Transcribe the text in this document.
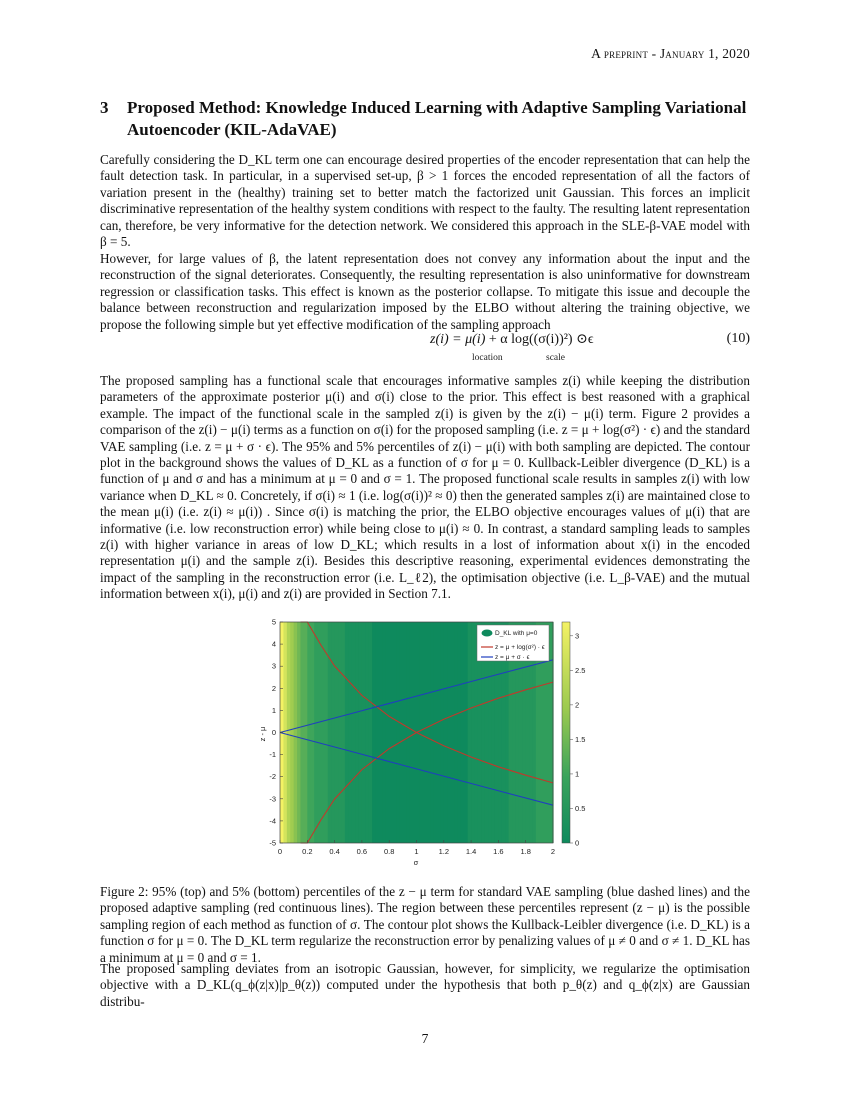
A preprint - January 1, 2020
3 Proposed Method: Knowledge Induced Learning with Adaptive Sampling Variational Autoencoder (KIL-AdaVAE)

Carefully considering the D_KL term one can encourage desired properties of the encoder representation that can help the fault detection task. In particular, in a supervised set-up, β > 1 forces the encoded representation of all the factors of variation present in the (healthy) training set to better match the factorized unit Gaussian. This forces an implicit discriminative representation of the healthy system conditions with respect to the faulty. The resulting latent representation can, therefore, be very informative for the detection network. We considered this approach in the SLE-β-VAE model with β = 5.

However, for large values of β, the latent representation does not convey any information about the input and the reconstruction of the signal deteriorates. Consequently, the resulting representation is also uninformative for downstream regression or classification tasks. This effect is known as the posterior collapse. To mitigate this issue and decouple the balance between reconstruction and regularization imposed by the ELBO without altering the training objective, we propose the following simple but yet effective modification of the sampling approach

z(i) = μ(i) + α log((σ(i))²) ⊙ϵ
location	scale
(10)

The proposed sampling has a functional scale that encourages informative samples z(i) while keeping the distribution parameters of the approximate posterior μ(i) and σ(i) close to the prior. This effect is best reasoned with a graphical example. The impact of the functional scale in the sampled z(i) is given by the z(i) − μ(i) term. Figure 2 provides a comparison of the z(i) − μ(i) terms as a function on σ(i) for the proposed sampling (i.e. z = μ + log(σ²) · ϵ) and the standard VAE sampling (i.e. z = μ + σ · ϵ). The 95% and 5% percentiles of z(i) − μ(i) with both sampling are depicted. The contour plot in the background shows the values of D_KL as a function of σ for μ = 0. Kullback-Leibler divergence (D_KL) is a function of μ and σ and has a minimum at μ = 0 and σ = 1. The proposed functional scale results in samples z(i) with low variance when D_KL ≈ 0. Concretely, if σ(i) ≈ 1 (i.e. log(σ(i))² ≈ 0) then the generated samples z(i) are maintained close to the mean μ(i) (i.e. z(i) ≈ μ(i)) . Since σ(i) is matching the prior, the ELBO objective encourages values of μ(i) that are informative (i.e. low reconstruction error) while being close to μ(i) ≈ 0. In contrast, a standard sampling leads to samples z(i) with higher variance in areas of low D_KL; which results in a lost of information about x(i) in the encoded representation μ(i) and the sample z(i). Besides this descriptive reasoning, experimental evidences demonstrating the impact of the sampling in the reconstruction error (i.e. L_ℓ2), the optimisation objective (i.e. L_β-VAE) and the mutual information between x(i), μ(i) and z(i) are provided in Section 7.1.

0	0.2 0.4 0.6 0.8	1	1.2 1.4 1.6 1.8	2
5
4
3
2
1
0
-1
-2
-3
-4
-5
σ
z - μ
D_KL with μ=0
z = μ + log(σ²) · ϵ
z = μ + σ · ϵ
3
2.5
2
1.5
1
0.5
0

Figure 2: 95% (top) and 5% (bottom) percentiles of the z − μ term for standard VAE sampling (blue dashed lines) and the proposed adaptive sampling (red continuous lines). The region between these percentiles represent (z − μ) is the possible sampling region of each method as function of σ. The contour plot shows the Kullback-Leibler divergence (i.e. D_KL) is a function σ for μ = 0. The D_KL term regularize the reconstruction error by penalizing values of μ ≠ 0 and σ ≠ 1. D_KL has a minimum at μ = 0 and σ = 1.

The proposed sampling deviates from an isotropic Gaussian, however, for simplicity, we regularize the optimisation objective with a D_KL(q_ϕ(z|x)|p_θ(z)) computed under the hypothesis that both p_θ(z) and q_ϕ(z|x) are Gaussian distribu-

7
